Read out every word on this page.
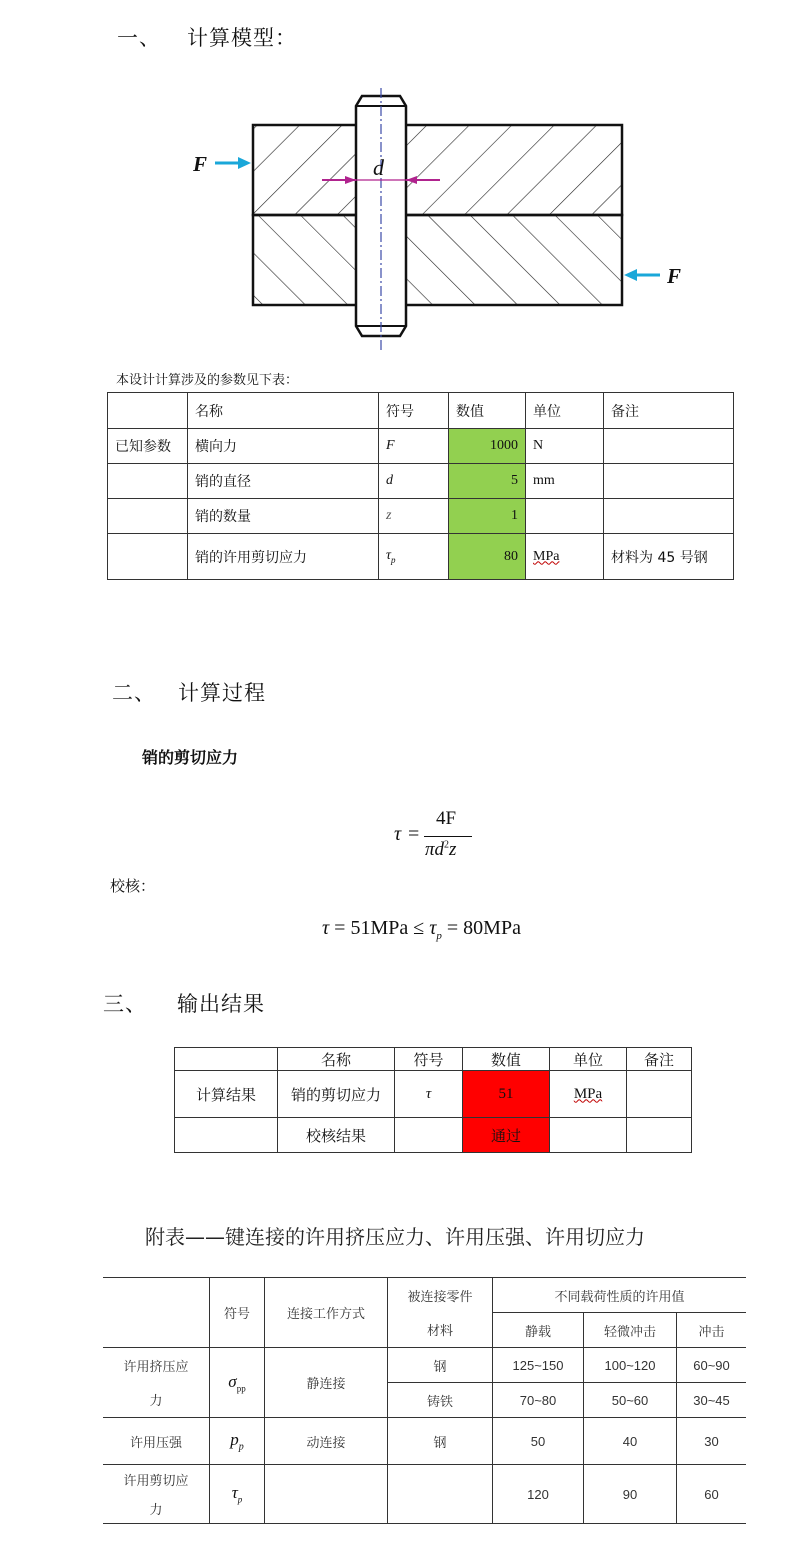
一、 计算模型：
d
F
F
本设计计算涉及的参数见下表：
	名称	符号	数值	单位	备注
已知参数	横向力	F	1000	N	
	销的直径	d	5	mm	
	销的数量	z	1		
	销的许用剪切应力	$\tau_p$	80	MPa	材料为 45 号钢
二、 计算过程
销的剪切应力
τ =
4F
$\pi d^2z$
校核：
$\tau = 51MPa \le \tau_p = 80MPa$
三、 输出结果
	名称	符号	数值	单位	备注
计算结果	销的剪切应力	τ	51	MPa	
	校核结果		通过		
附表——键连接的许用挤压应力、许用压强、许用切应力
	符号	连接工作方式	被连接零件	不同载荷性质的许用值		
			材料	静载	轻微冲击	冲击
许用挤压应	$\sigma_{pp}$	静连接	钢	125~150	100~120	60~90
力			铸铁	70~80	50~60	30~45
许用压强	$p_p$	动连接	钢	50	40	30
许用剪切应	$\tau_p$			120	90	60
力						
